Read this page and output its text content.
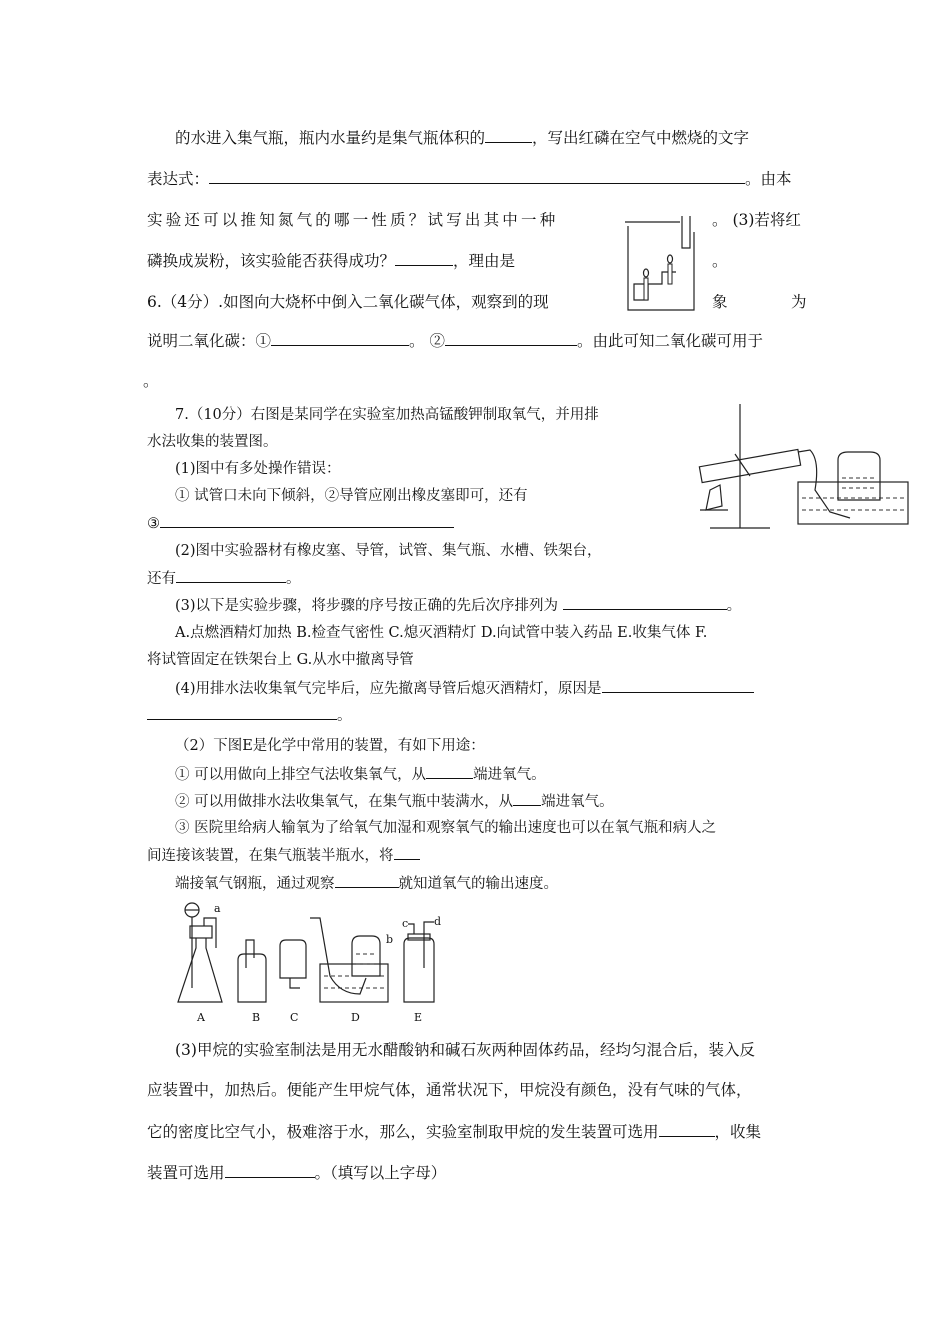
的水进入集气瓶，瓶内水量约是集气瓶体积的	，写出红磷在空气中燃烧的文字
表达式：	。由本
实验还可以推知氮气的哪一性质？试写出其中一种	。 (3)若将红
磷换成炭粉，该实验能否获得成功？	，理由是	。
6.（4分）.如图向大烧杯中倒入二氧化碳气体，观察到的现	象	为
说明二氧化碳：①	。 ②	。由此可知二氧化碳可用于
。
7.（10分）右图是某同学在实验室加热高锰酸钾制取氧气，并用排
水法收集的装置图。
(1)图中有多处操作错误：
① 试管口未向下倾斜，②导管应刚出橡皮塞即可，还有
③
(2)图中实验器材有橡皮塞、导管，试管、集气瓶、水槽、铁架台，
还有	。
(3)以下是实验步骤，将步骤的序号按正确的先后次序排列为	。
A.点燃酒精灯加热 B.检查气密性 C.熄灭酒精灯 D.向试管中装入药品 E.收集气体 F.
将试管固定在铁架台上 G.从水中撤离导管
(4)用排水法收集氧气完毕后，应先撤离导管后熄灭酒精灯，原因是
。
（2）下图E是化学中常用的装置，有如下用途：
① 可以用做向上排空气法收集氧气，从	端进氧气。
② 可以用做排水法收集氧气，在集气瓶中装满水，从 端进氧气。
③ 医院里给病人输氧为了给氧气加湿和观察氧气的输出速度也可以在氧气瓶和病人之
间连接该装置，在集气瓶装半瓶水，将
端接氧气钢瓶，通过观察	就知道氧气的输出速度。
a
b
c d
A	B	C	D	E
(3)甲烷的实验室制法是用无水醋酸钠和碱石灰两种固体药品，经均匀混合后，装入反
应装置中，加热后。便能产生甲烷气体，通常状况下，甲烷没有颜色，没有气味的气体，
它的密度比空气小，极难溶于水，那么，实验室制取甲烷的发生装置可选用	，收集
装置可选用	。（填写以上字母）
